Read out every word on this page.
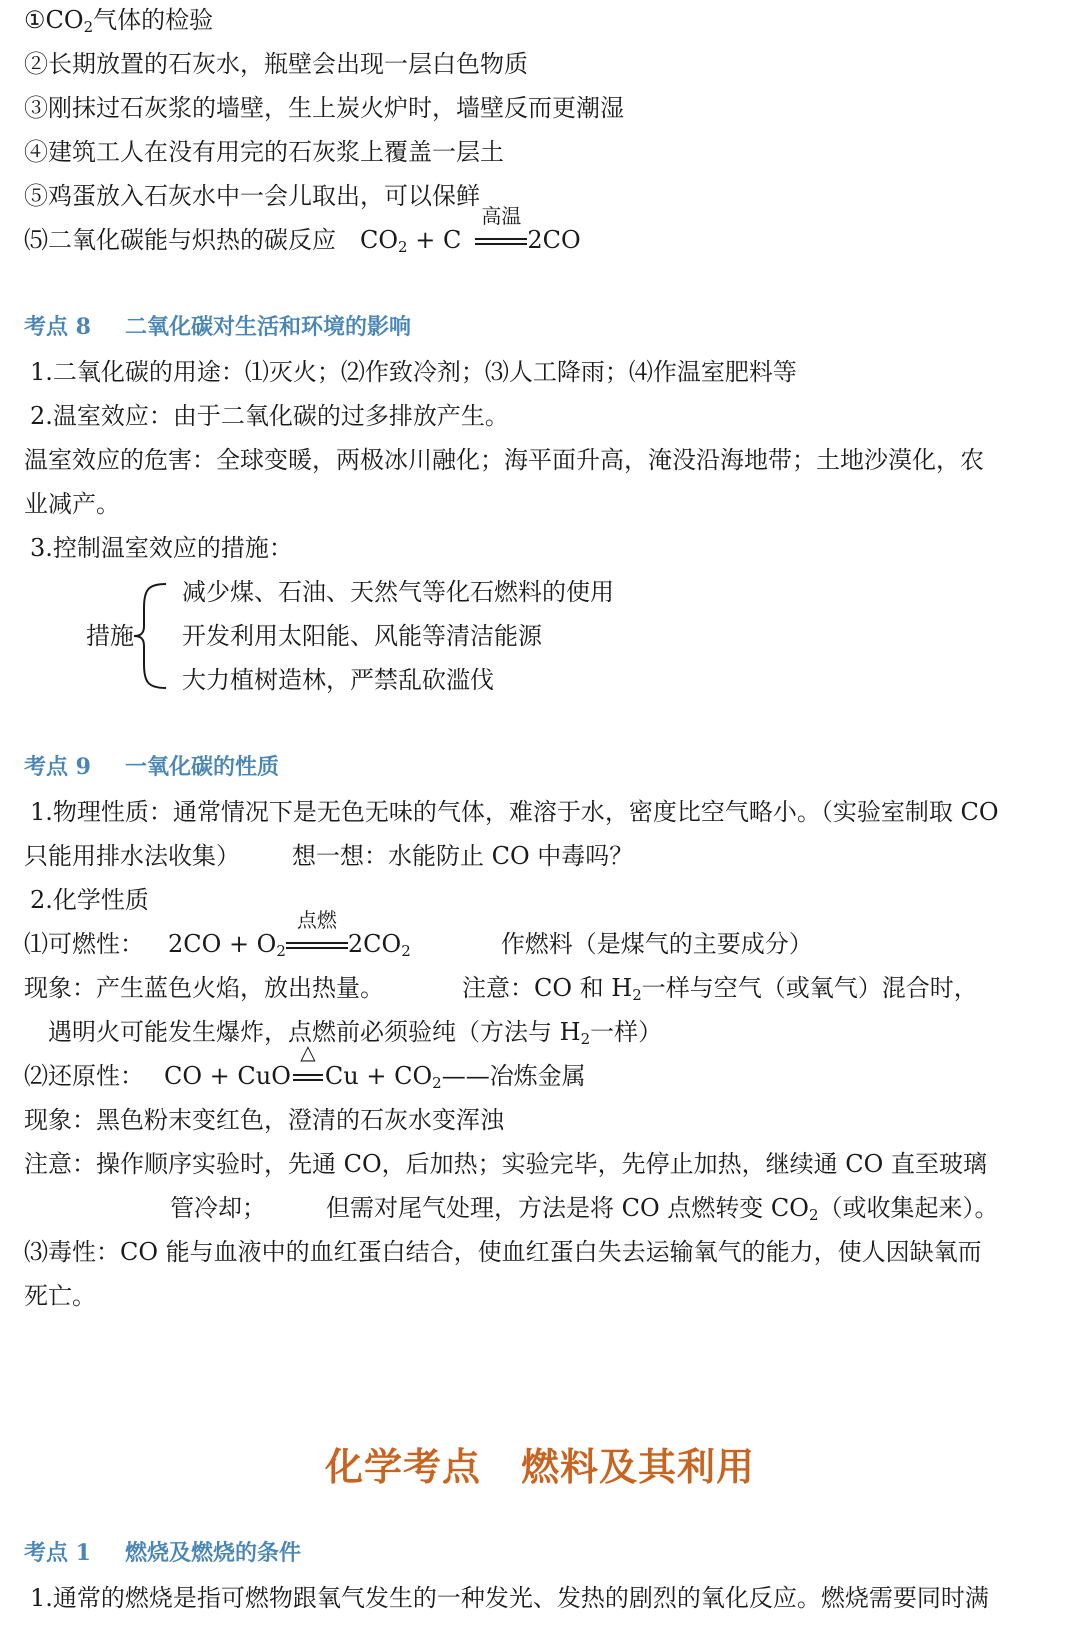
$①CO_2$气体的检验
②长期放置的石灰水，瓶壁会出现一层白色物质
③刚抹过石灰浆的墙壁，生上炭火炉时，墙壁反而更潮湿
④建筑工人在没有用完的石灰浆上覆盖一层土
⑤鸡蛋放入石灰水中一会儿取出，可以保鲜
⑸二氧化碳能与炽热的碳反应 $CO_2 + C$
高温
2CO
考点 8 二氧化碳对生活和环境的影响
1.二氧化碳的用途：⑴灭火；⑵作致冷剂；⑶人工降雨；⑷作温室肥料等
2.温室效应：由于二氧化碳的过多排放产生。
温室效应的危害：全球变暖，两极冰川融化；海平面升高，淹没沿海地带；土地沙漠化，农
业减产。
3.控制温室效应的措施：
措施
减少煤、石油、天然气等化石燃料的使用
开发利用太阳能、风能等清洁能源
大力植树造林，严禁乱砍滥伐
考点 9 一氧化碳的性质
1.物理性质：通常情况下是无色无味的气体，难溶于水，密度比空气略小。（实验室制取 CO
只能用排水法收集） 想一想：水能防止 CO 中毒吗？
2.化学性质
⑴可燃性： $2CO + O_2$
点燃
$2CO_2$	作燃料（是煤气的主要成分）
现象：产生蓝色火焰，放出热量。	注意：CO 和 $H_2$一样与空气（或氧气）混合时，
遇明火可能发生爆炸，点燃前必须验纯（方法与 $H_2$一样）
⑵还原性： CO + CuO
△
$Cu + CO_2——$冶炼金属
现象：黑色粉末变红色，澄清的石灰水变浑浊
注意：操作顺序实验时，先通 CO，后加热；实验完毕，先停止加热，继续通 CO 直至玻璃
管冷却；	但需对尾气处理，方法是将 CO 点燃转变 $CO_2$（或收集起来）。
⑶毒性：CO 能与血液中的血红蛋白结合，使血红蛋白失去运输氧气的能力，使人因缺氧而
死亡。
化学考点 燃料及其利用
考点 1 燃烧及燃烧的条件
1.通常的燃烧是指可燃物跟氧气发生的一种发光、发热的剧烈的氧化反应。燃烧需要同时满
